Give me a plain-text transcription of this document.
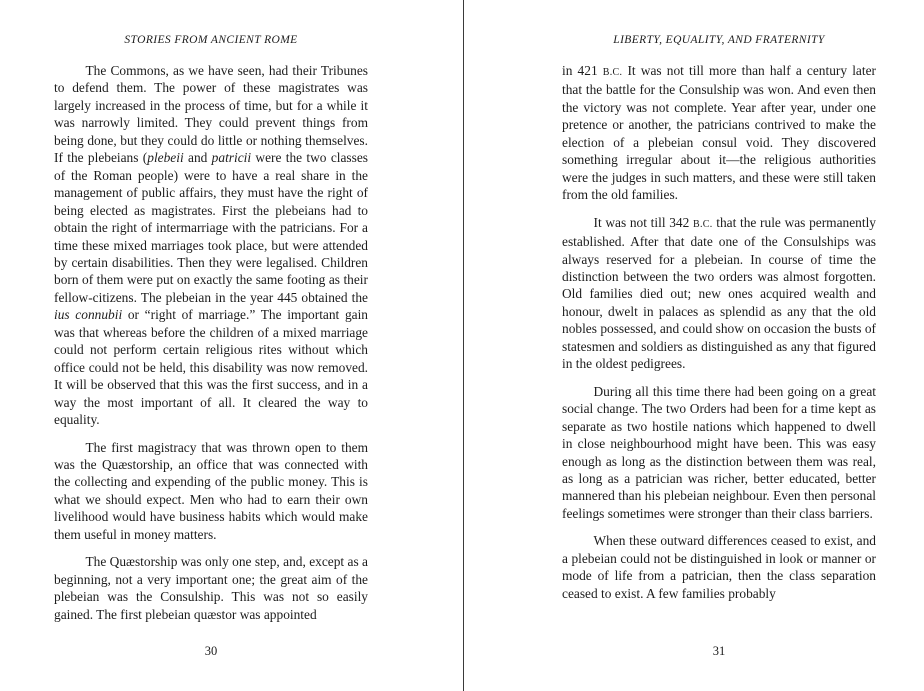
STORIES FROM ANCIENT ROME

The Commons, as we have seen, had their Tribunes to defend them. The power of these magistrates was largely increased in the process of time, but for a while it was narrowly limited. They could prevent things from being done, but they could do little or nothing themselves. If the plebeians (plebeii and patricii were the two classes of the Roman people) were to have a real share in the management of public affairs, they must have the right of being elected as magistrates. First the plebeians had to obtain the right of intermarriage with the patricians. For a time these mixed marriages took place, but were attended by certain disabilities. Then they were legalised. Children born of them were put on exactly the same footing as their fellow-citizens. The plebeian in the year 445 obtained the ius connubii or “right of marriage.” The important gain was that whereas before the children of a mixed marriage could not perform certain religious rites without which office could not be held, this disability was now removed. It will be observed that this was the first success, and in a way the most important of all. It cleared the way to equality.

The first magistracy that was thrown open to them was the Quæstorship, an office that was connected with the collecting and expending of the public money. This is what we should expect. Men who had to earn their own livelihood would have business habits which would make them useful in money matters.

The Quæstorship was only one step, and, except as a beginning, not a very important one; the great aim of the plebeian was the Consulship. This was not so easily gained. The first plebeian quæstor was appointed

30
LIBERTY, EQUALITY, AND FRATERNITY

in 421 B.C. It was not till more than half a century later that the battle for the Consulship was won. And even then the victory was not complete. Year after year, under one pretence or another, the patricians contrived to make the election of a plebeian consul void. They discovered something irregular about it—the religious authorities were the judges in such matters, and these were still taken from the old families.

It was not till 342 B.C. that the rule was permanently established. After that date one of the Consulships was always reserved for a plebeian. In course of time the distinction between the two orders was almost forgotten. Old families died out; new ones acquired wealth and honour, dwelt in palaces as splendid as any that the old nobles possessed, and could show on occasion the busts of statesmen and soldiers as distinguished as any that figured in the oldest pedigrees.

During all this time there had been going on a great social change. The two Orders had been for a time kept as separate as two hostile nations which happened to dwell in close neighbourhood might have been. This was easy enough as long as the distinction between them was real, as long as a patrician was richer, better educated, better mannered than his plebeian neighbour. Even then personal feelings sometimes were stronger than their class barriers.

When these outward differences ceased to exist, and a plebeian could not be distinguished in look or manner or mode of life from a patrician, then the class separation ceased to exist. A few families probably

31
